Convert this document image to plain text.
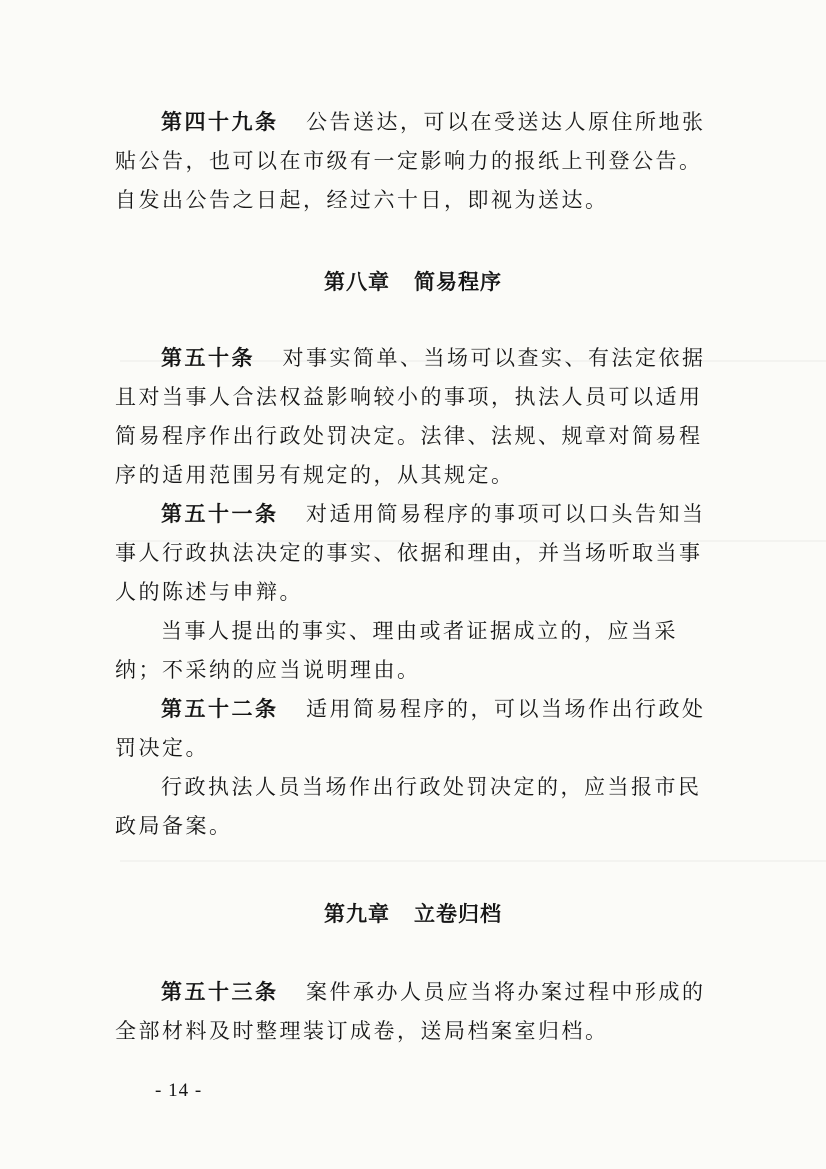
第四十九条 公告送达，可以在受送达人原住所地张贴公告，也可以在市级有一定影响力的报纸上刊登公告。自发出公告之日起，经过六十日，即视为送达。

第八章 简易程序

第五十条 对事实简单、当场可以查实、有法定依据且对当事人合法权益影响较小的事项，执法人员可以适用简易程序作出行政处罚决定。法律、法规、规章对简易程序的适用范围另有规定的，从其规定。

第五十一条 对适用简易程序的事项可以口头告知当事人行政执法决定的事实、依据和理由，并当场听取当事人的陈述与申辩。

当事人提出的事实、理由或者证据成立的，应当采纳；不采纳的应当说明理由。

第五十二条 适用简易程序的，可以当场作出行政处罚决定。

行政执法人员当场作出行政处罚决定的，应当报市民政局备案。

第九章 立卷归档

第五十三条 案件承办人员应当将办案过程中形成的全部材料及时整理装订成卷，送局档案室归档。

- 14 -
